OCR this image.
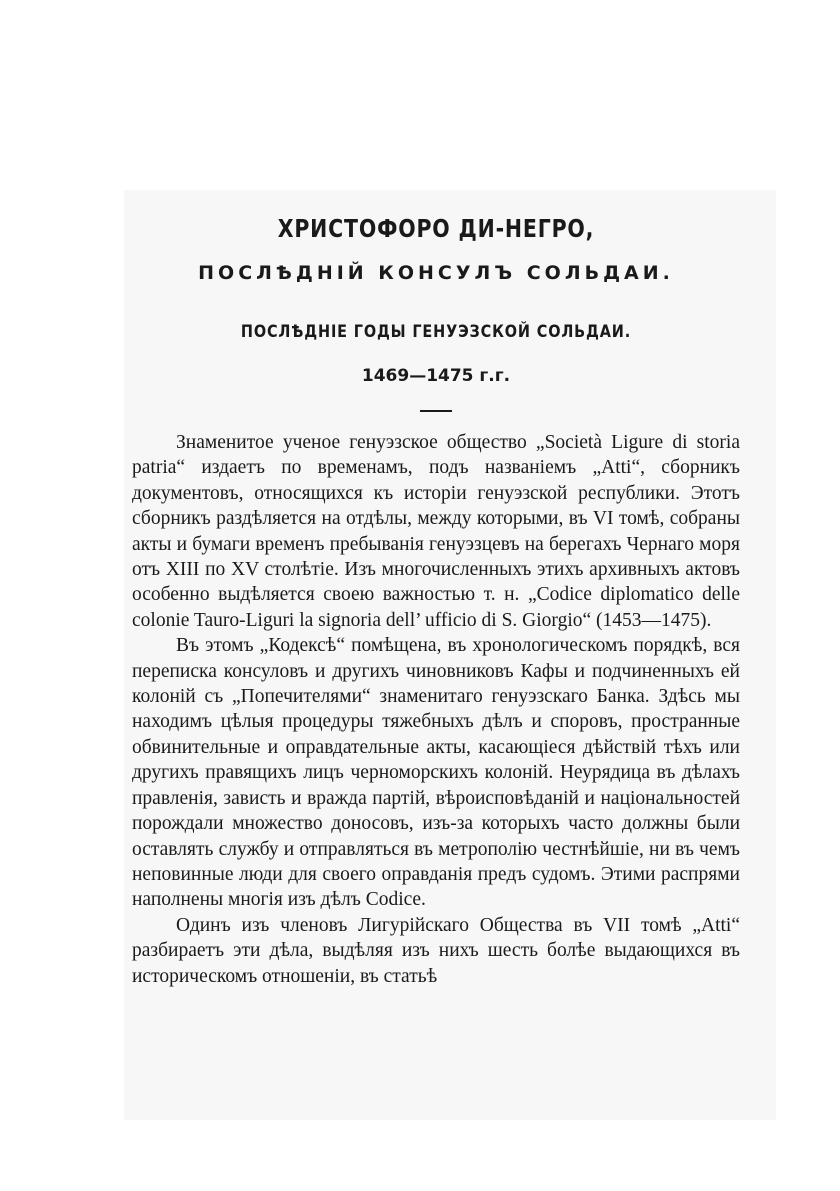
ХРИСТОФОРО ДИ-НЕГРО,
ПОСЛѢДНІЙ КОНСУЛЪ СОЛЬДАИ.
ПОСЛѢДНІЕ ГОДЫ ГЕНУЭЗСКОЙ СОЛЬДАИ.
1469—1475 г.г.

Знаменитое ученое генуэзское общество „Società Ligure di storia patria“ издаетъ по временамъ, подъ названіемъ „Atti“, сборникъ документовъ, относящихся къ исторіи генуэзской республики. Этотъ сборникъ раздѣляется на отдѣлы, между которыми, въ VI томѣ, собраны акты и бумаги временъ пребыванія генуэзцевъ на берегахъ Чернаго моря отъ XIII по XV столѣтіе. Изъ многочисленныхъ этихъ архивныхъ актовъ особенно выдѣляется своею важностью т. н. „Codice diplomatico delle colonie Tauro-Liguri la signoria dell’ ufficio di S. Giorgio“ (1453—1475).

Въ этомъ „Кодексѣ“ помѣщена, въ хронологическомъ порядкѣ, вся переписка консуловъ и другихъ чиновниковъ Кафы и подчиненныхъ ей колоній съ „Попечителями“ знаменитаго генуэзскаго Банка. Здѣсь мы находимъ цѣлыя процедуры тяжебныхъ дѣлъ и споровъ, пространные обвинительные и оправдательные акты, касающіеся дѣйствій тѣхъ или другихъ правящихъ лицъ черноморскихъ колоній. Неурядица въ дѣлахъ правленія, зависть и вражда партій, вѣроисповѣданій и національностей порождали множество доносовъ, изъ-за которыхъ часто должны были оставлять службу и отправляться въ метрополію честнѣйшіе, ни въ чемъ неповинные люди для своего оправданія предъ судомъ. Этими распрями наполнены многія изъ дѣлъ Codice.

Одинъ изъ членовъ Лигурійскаго Общества въ VII томѣ „Atti“ разбираетъ эти дѣла, выдѣляя изъ нихъ шесть болѣе выдающихся въ историческомъ отношеніи, въ статьѣ
